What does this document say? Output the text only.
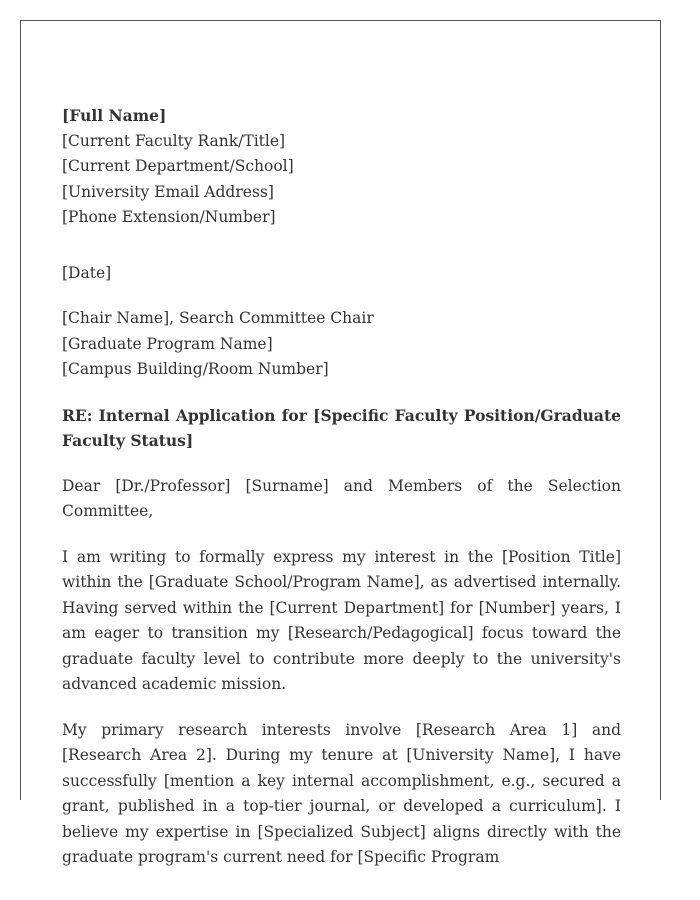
[Full Name]
[Current Faculty Rank/Title]
[Current Department/School]
[University Email Address]
[Phone Extension/Number]
[Date]
[Chair Name], Search Committee Chair
[Graduate Program Name]
[Campus Building/Room Number]

RE: Internal Application for [Specific Faculty Position/Graduate Faculty Status]

Dear [Dr./Professor] [Surname] and Members of the Selection Committee,

I am writing to formally express my interest in the [Position Title] within the [Graduate School/Program Name], as advertised internally. Having served within the [Current Department] for [Number] years, I am eager to transition my [Research/Pedagogical] focus toward the graduate faculty level to contribute more deeply to the university's advanced academic mission.

My primary research interests involve [Research Area 1] and [Research Area 2]. During my tenure at [University Name], I have successfully [mention a key internal accomplishment, e.g., secured a grant, published in a top-tier journal, or developed a curriculum]. I believe my expertise in [Specialized Subject] aligns directly with the graduate program's current need for [Specific Program
